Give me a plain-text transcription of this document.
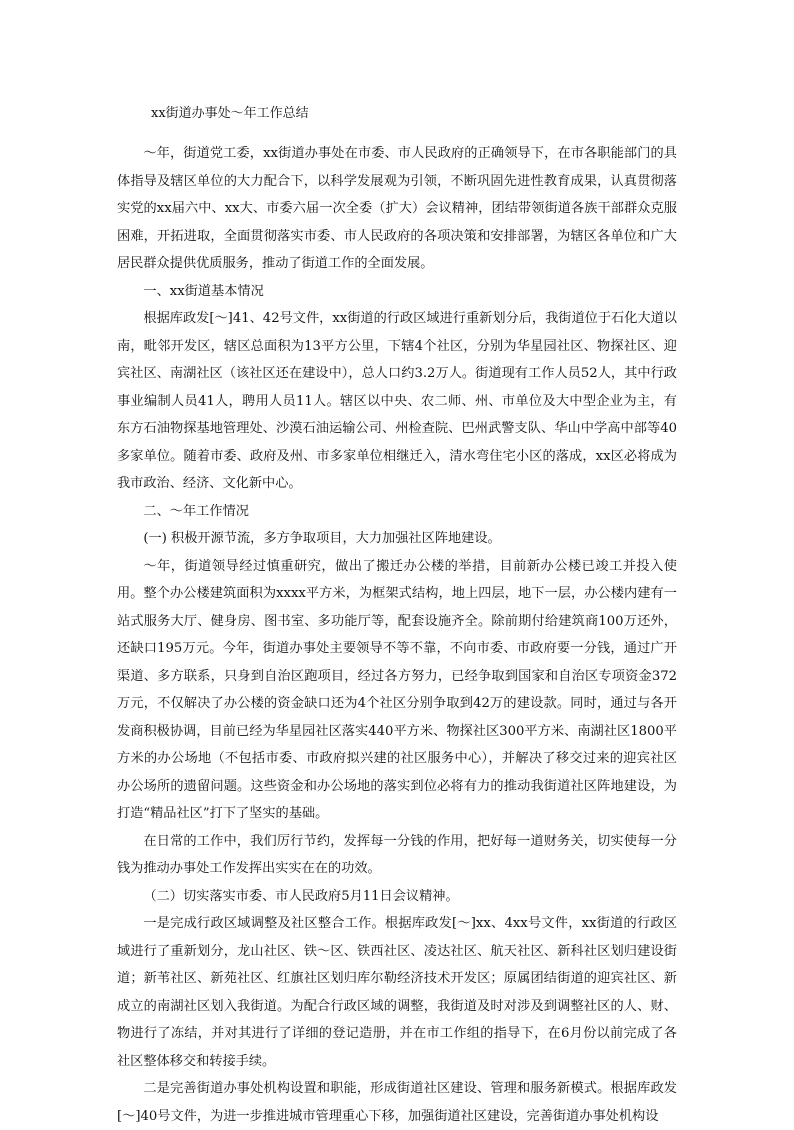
xx街道办事处～年工作总结

～年，街道党工委，xx街道办事处在市委、市人民政府的正确领导下，在市各职能部门的具体指导及辖区单位的大力配合下，以科学发展观为引领，不断巩固先进性教育成果，认真贯彻落实党的xx届六中、xx大、市委六届一次全委（扩大）会议精神，团结带领街道各族干部群众克服困难，开拓进取，全面贯彻落实市委、市人民政府的各项决策和安排部署，为辖区各单位和广大居民群众提供优质服务，推动了街道工作的全面发展。

一、xx街道基本情况

根据库政发[～]41、42号文件，xx街道的行政区域进行重新划分后，我街道位于石化大道以南，毗邻开发区，辖区总面积为13平方公里，下辖4个社区，分别为华星园社区、物探社区、迎宾社区、南湖社区（该社区还在建设中），总人口约3.2万人。街道现有工作人员52人，其中行政事业编制人员41人，聘用人员11人。辖区以中央、农二师、州、市单位及大中型企业为主，有东方石油物探基地管理处、沙漠石油运输公司、州检查院、巴州武警支队、华山中学高中部等40多家单位。随着市委、政府及州、市多家单位相继迁入，清水弯住宅小区的落成，xx区必将成为我市政治、经济、文化新中心。

二、～年工作情况

(一) 积极开源节流，多方争取项目，大力加强社区阵地建设。

～年，街道领导经过慎重研究，做出了搬迁办公楼的举措，目前新办公楼已竣工并投入使用。整个办公楼建筑面积为xxxx平方米，为框架式结构，地上四层，地下一层，办公楼内建有一站式服务大厅、健身房、图书室、多功能厅等，配套设施齐全。除前期付给建筑商100万还外，还缺口195万元。今年，街道办事处主要领导不等不靠，不向市委、市政府要一分钱，通过广开渠道、多方联系，只身到自治区跑项目，经过各方努力，已经争取到国家和自治区专项资金372万元，不仅解决了办公楼的资金缺口还为4个社区分别争取到42万的建设款。同时，通过与各开发商积极协调，目前已经为华星园社区落实440平方米、物探社区300平方米、南湖社区1800平方米的办公场地（不包括市委、市政府拟兴建的社区服务中心），并解决了移交过来的迎宾社区办公场所的遗留问题。这些资金和办公场地的落实到位必将有力的推动我街道社区阵地建设，为打造“精品社区”打下了坚实的基础。

在日常的工作中，我们厉行节约，发挥每一分钱的作用，把好每一道财务关，切实使每一分钱为推动办事处工作发挥出实实在在的功效。

（二）切实落实市委、市人民政府5月11日会议精神。

一是完成行政区域调整及社区整合工作。根据库政发[～]xx、4xx号文件，xx街道的行政区域进行了重新划分，龙山社区、铁～区、铁西社区、凌达社区、航天社区、新科社区划归建设街道；新苇社区、新苑社区、红旗社区划归库尔勒经济技术开发区；原属团结街道的迎宾社区、新成立的南湖社区划入我街道。为配合行政区域的调整，我街道及时对涉及到调整社区的人、财、物进行了冻结，并对其进行了详细的登记造册，并在市工作组的指导下，在6月份以前完成了各社区整体移交和转接手续。

二是完善街道办事处机构设置和职能，形成街道社区建设、管理和服务新模式。根据库政发[～]40号文件，为进一步推进城市管理重心下移，加强街道社区建设，完善街道办事处机构设
